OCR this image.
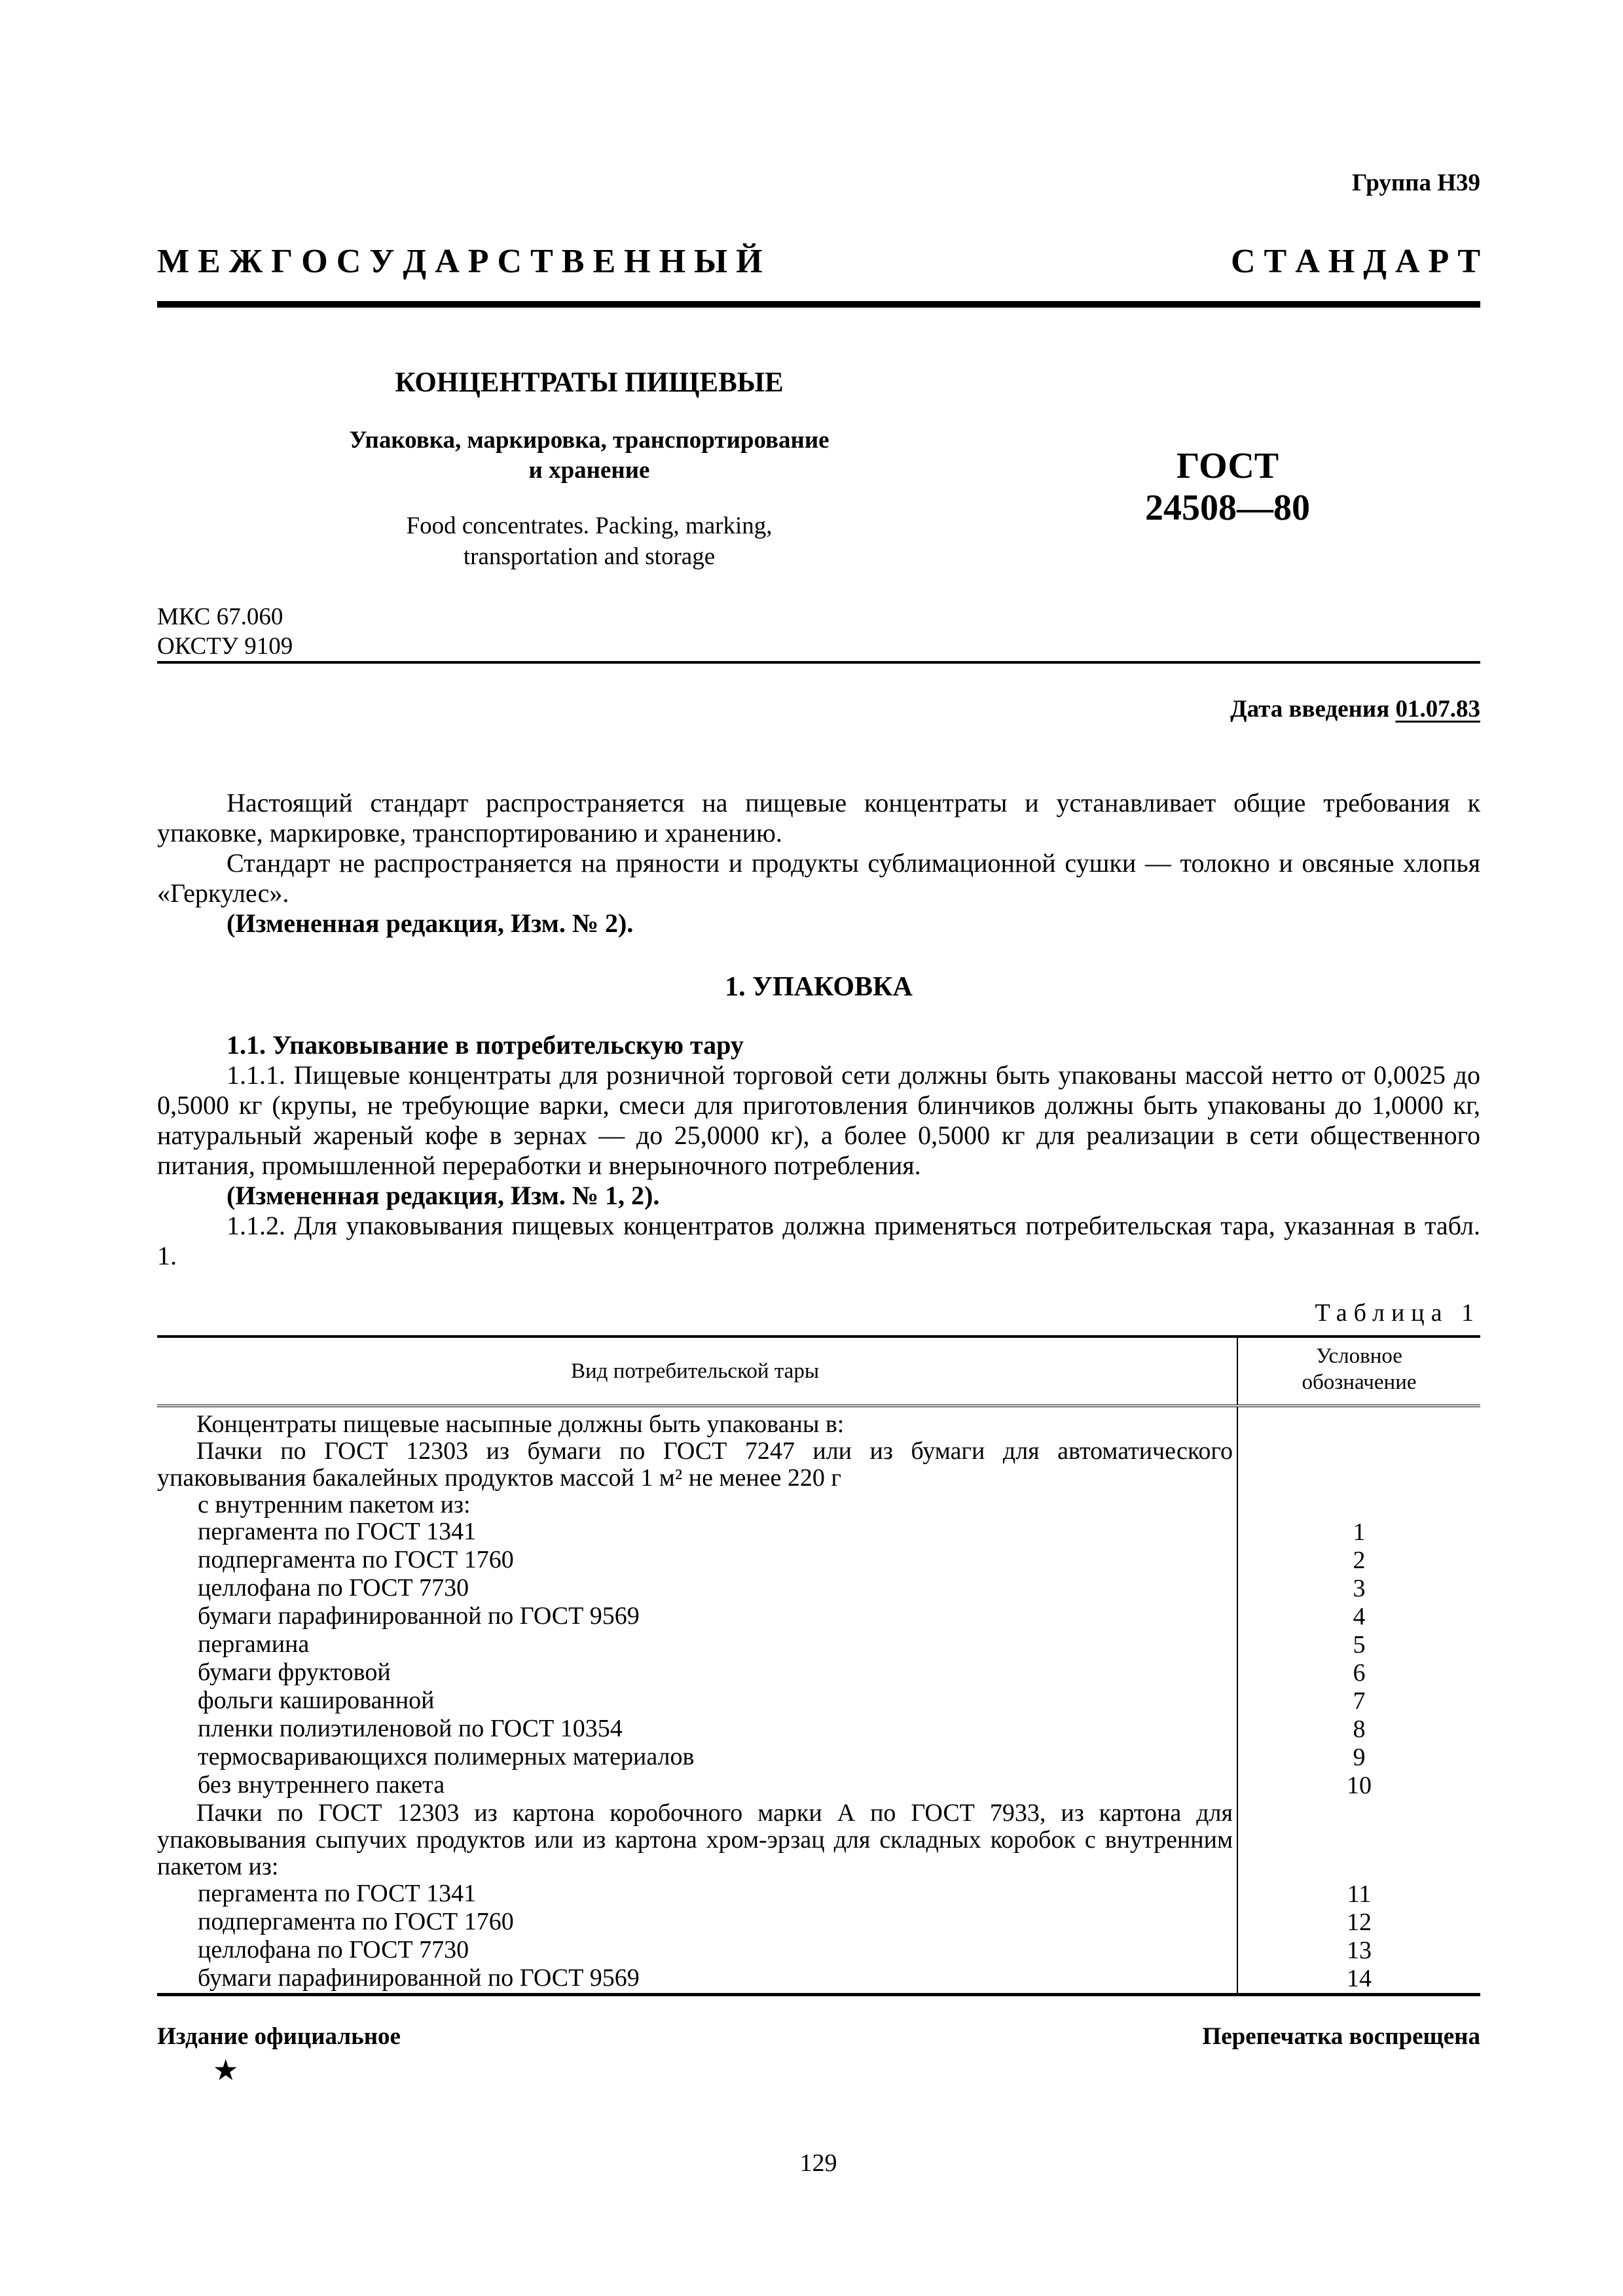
Группа Н39
М Е Ж Г О С У Д А Р С Т В Е Н Н Ы Й	С Т А Н Д А Р Т
КОНЦЕНТРАТЫ ПИЩЕВЫЕ
Упаковка, маркировка, транспортирование
и хранение
Food concentrates. Packing, marking,
transportation and storage
ГОСТ
24508—80
МКС 67.060
ОКСТУ 9109
Дата введения 01.07.83

Настоящий стандарт распространяется на пищевые концентраты и устанавливает общие требования к упаковке, маркировке, транспортированию и хранению.

Стандарт не распространяется на пряности и продукты сублимационной сушки — толокно и овсяные хлопья «Геркулес».

(Измененная редакция, Изм. № 2).

1. УПАКОВКА

1.1. Упаковывание в потребительскую тару

1.1.1. Пищевые концентраты для розничной торговой сети должны быть упакованы массой нетто от 0,0025 до 0,5000 кг (крупы, не требующие варки, смеси для приготовления блинчиков должны быть упакованы до 1,0000 кг, натуральный жареный кофе в зернах — до 25,0000 кг), а более 0,5000 кг для реализации в сети общественного питания, промышленной переработки и внерыночного потребления.

(Измененная редакция, Изм. № 1, 2).

1.1.2. Для упаковывания пищевых концентратов должна применяться потребительская тара, указанная в табл. 1.

Таблица 1
Вид потребительской тары	Условное
обозначение

Концентраты пищевые насыпные должны быть упакованы в:	
Пачки по ГОСТ 12303 из бумаги по ГОСТ 7247 или из бумаги для автоматического упаковывания бакалейных продуктов массой 1 м² не менее 220 г	
с внутренним пакетом из:	
пергамента по ГОСТ 1341	1
подпергамента по ГОСТ 1760	2
целлофана по ГОСТ 7730	3
бумаги парафинированной по ГОСТ 9569	4
пергамина	5
бумаги фруктовой	6
фольги кашированной	7
пленки полиэтиленовой по ГОСТ 10354	8
термосваривающихся полимерных материалов	9
без внутреннего пакета	10
Пачки по ГОСТ 12303 из картона коробочного марки А по ГОСТ 7933, из картона для упаковывания сыпучих продуктов или из картона хром-эрзац для складных коробок с внутренним пакетом из:	
пергамента по ГОСТ 1341	11
подпергамента по ГОСТ 1760	12
целлофана по ГОСТ 7730	13
бумаги парафинированной по ГОСТ 9569	14
Издание официальное	Перепечатка воспрещена
★
129
